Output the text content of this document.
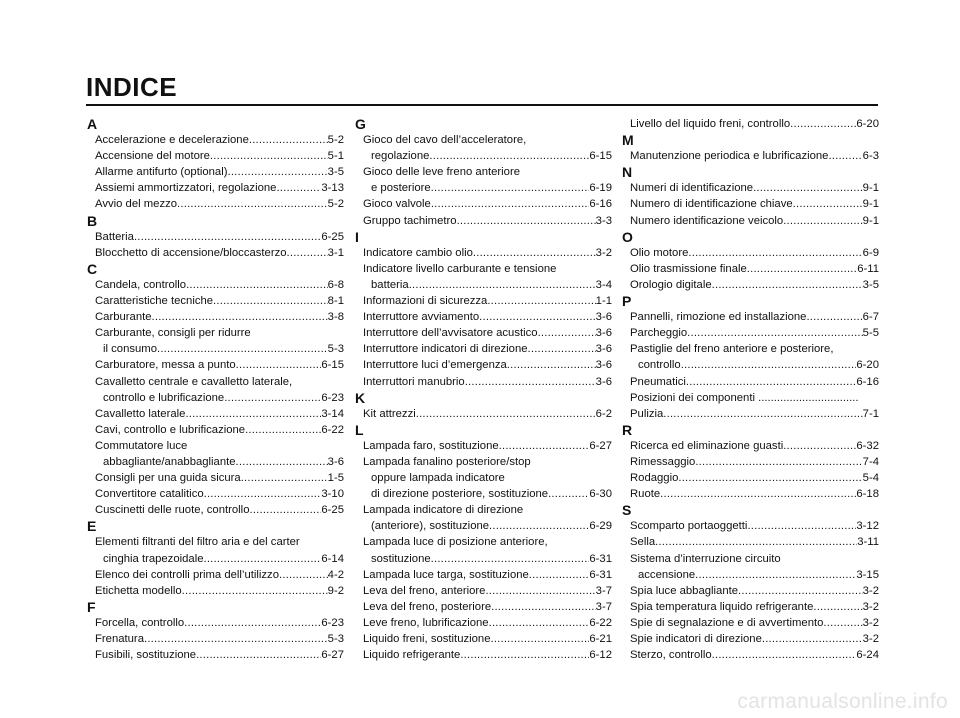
INDICE
A
Accelerazione e decelerazione .....	5-2
Accensione del motore .....	5-1
Allarme antifurto (optional) .....	3-5
Assiemi ammortizzatori, regolazione .....	3-13
Avvio del mezzo .....	5-2
B
Batteria .....	6-25
Blocchetto di accensione/bloccasterzo .....	3-1
C
Candela, controllo .....	6-8
Caratteristiche tecniche .....	8-1
Carburante .....	3-8
Carburante, consigli per ridurre
il consumo .....	5-3
Carburatore, messa a punto .....	6-15
Cavalletto centrale e cavalletto laterale,
controllo e lubrificazione .....	6-23
Cavalletto laterale .....	3-14
Cavi, controllo e lubrificazione .....	6-22
Commutatore luce
abbagliante/anabbagliante .....	3-6
Consigli per una guida sicura .....	1-5
Convertitore catalitico .....	3-10
Cuscinetti delle ruote, controllo .....	6-25
E
Elementi filtranti del filtro aria e del carter
cinghia trapezoidale .....	6-14
Elenco dei controlli prima dell’utilizzo .....	4-2
Etichetta modello .....	9-2
F
Forcella, controllo .....	6-23
Frenatura .....	5-3
Fusibili, sostituzione .....	6-27
G
Gioco del cavo dell’acceleratore,
regolazione .....	6-15
Gioco delle leve freno anteriore
e posteriore .....	6-19
Gioco valvole .....	6-16
Gruppo tachimetro .....	3-3
I
Indicatore cambio olio .....	3-2
Indicatore livello carburante e tensione
batteria .....	3-4
Informazioni di sicurezza .....	1-1
Interruttore avviamento .....	3-6
Interruttore dell’avvisatore acustico .....	3-6
Interruttore indicatori di direzione .....	3-6
Interruttore luci d’emergenza .....	3-6
Interruttori manubrio .....	3-6
K
Kit attrezzi .....	6-2
L
Lampada faro, sostituzione .....	6-27
Lampada fanalino posteriore/stop
oppure lampada indicatore
di direzione posteriore, sostituzione .....	6-30
Lampada indicatore di direzione
(anteriore), sostituzione .....	6-29
Lampada luce di posizione anteriore,
sostituzione .....	6-31
Lampada luce targa, sostituzione .....	6-31
Leva del freno, anteriore .....	3-7
Leva del freno, posteriore .....	3-7
Leve freno, lubrificazione .....	6-22
Liquido freni, sostituzione .....	6-21
Liquido refrigerante .....	6-12
Livello del liquido freni, controllo .....	6-20
M
Manutenzione periodica e lubrificazione .....	6-3
N
Numeri di identificazione .....	9-1
Numero di identificazione chiave .....	9-1
Numero identificazione veicolo .....	9-1
O
Olio motore .....	6-9
Olio trasmissione finale .....	6-11
Orologio digitale .....	3-5
P
Pannelli, rimozione ed installazione .....	6-7
Parcheggio .....	5-5
Pastiglie del freno anteriore e posteriore,
controllo .....	6-20
Pneumatici .....	6-16
Posizioni dei componenti ................................
Pulizia .....	7-1
R
Ricerca ed eliminazione guasti .....	6-32
Rimessaggio .....	7-4
Rodaggio .....	5-4
Ruote .....	6-18
S
Scomparto portaoggetti .....	3-12
Sella .....	3-11
Sistema d’interruzione circuito
accensione .....	3-15
Spia luce abbagliante .....	3-2
Spia temperatura liquido refrigerante .....	3-2
Spie di segnalazione e di avvertimento .....	3-2
Spie indicatori di direzione .....	3-2
Sterzo, controllo .....	6-24
carmanualsonline.info
